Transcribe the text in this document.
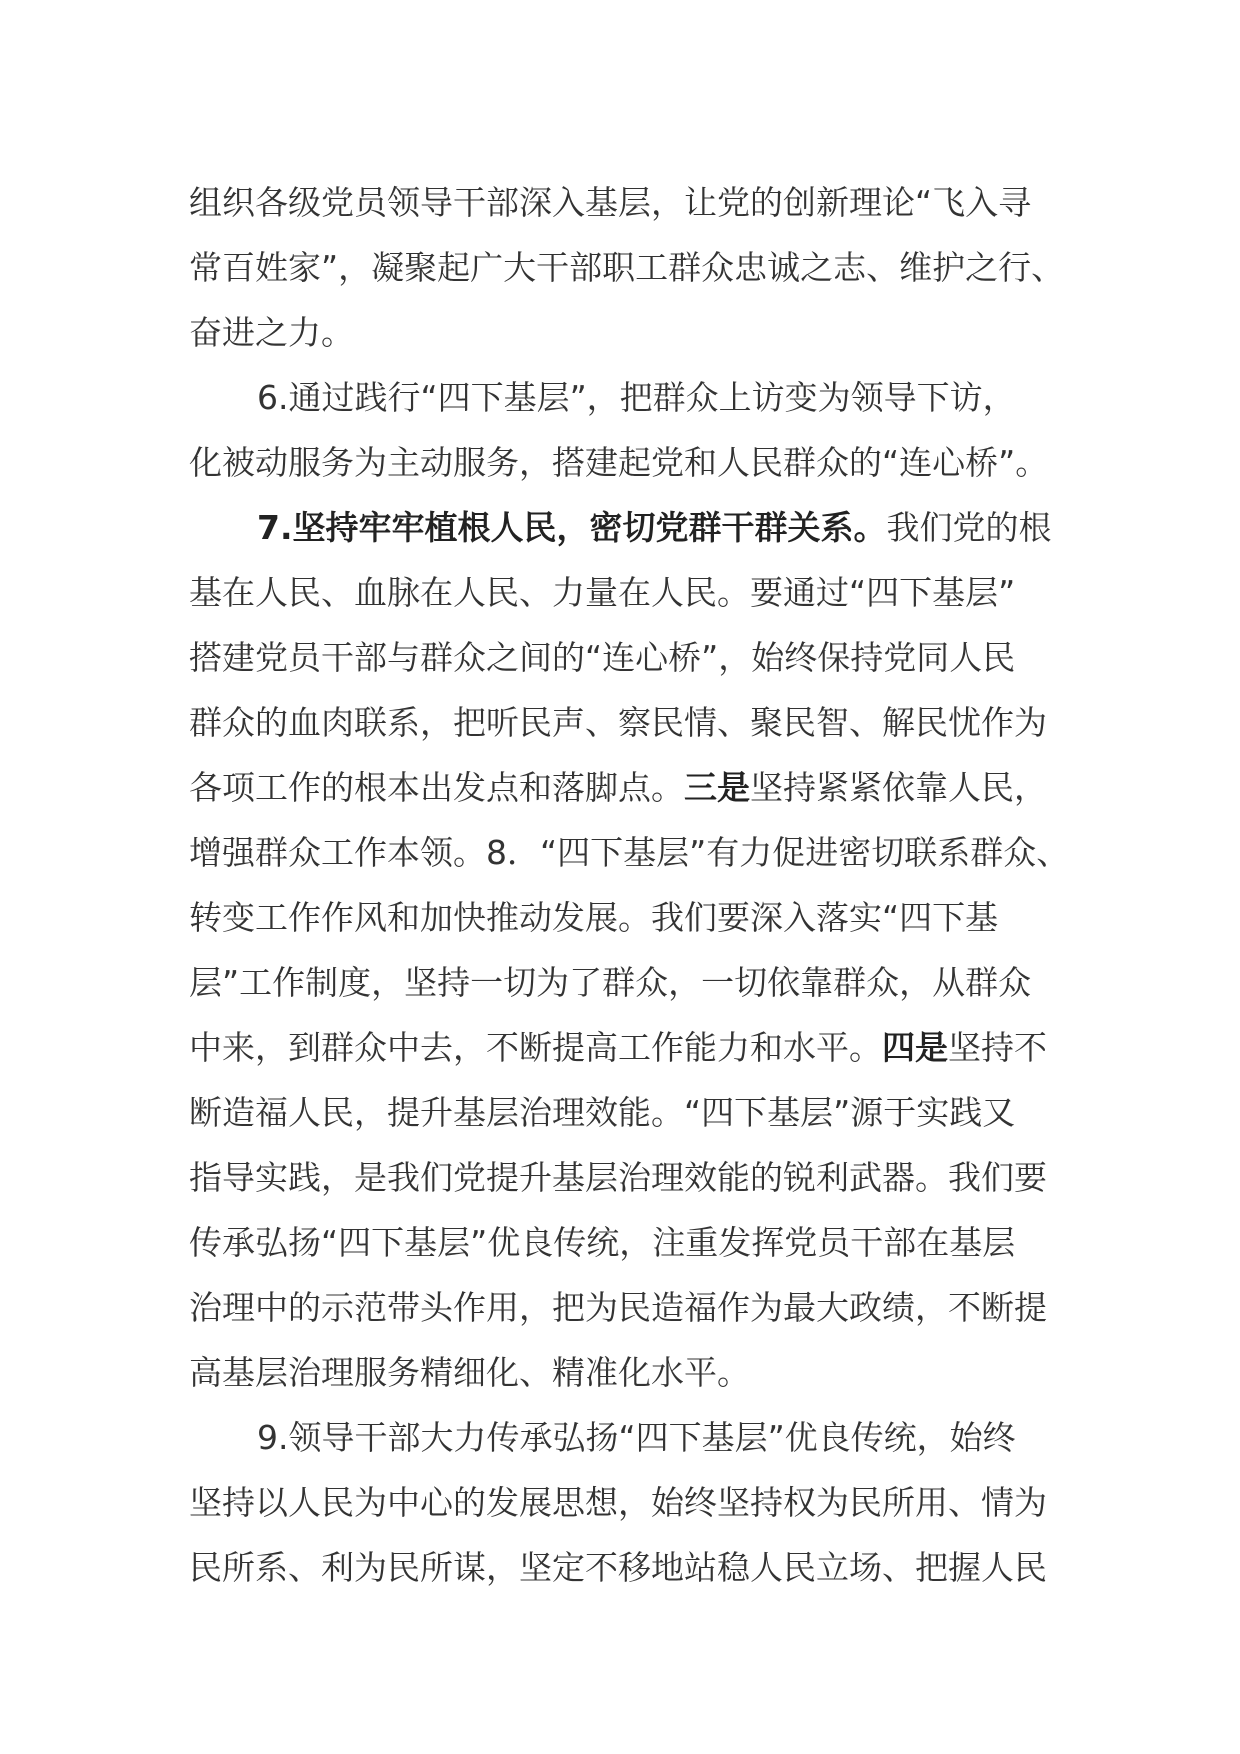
组织各级党员领导干部深入基层，让党的创新理论“飞入寻
常百姓家”，凝聚起广大干部职工群众忠诚之志、维护之行、
奋进之力。
6.通过践行“四下基层”，把群众上访变为领导下访，
化被动服务为主动服务，搭建起党和人民群众的“连心桥”。
7.坚持牢牢植根人民，密切党群干群关系。我们党的根
基在人民、血脉在人民、力量在人民。要通过“四下基层”
搭建党员干部与群众之间的“连心桥”，始终保持党同人民
群众的血肉联系，把听民声、察民情、聚民智、解民忧作为
各项工作的根本出发点和落脚点。三是坚持紧紧依靠人民，
增强群众工作本领。8．“四下基层”有力促进密切联系群众、
转变工作作风和加快推动发展。我们要深入落实“四下基
层”工作制度，坚持一切为了群众，一切依靠群众，从群众
中来，到群众中去，不断提高工作能力和水平。四是坚持不
断造福人民，提升基层治理效能。“四下基层”源于实践又
指导实践，是我们党提升基层治理效能的锐利武器。我们要
传承弘扬“四下基层”优良传统，注重发挥党员干部在基层
治理中的示范带头作用，把为民造福作为最大政绩，不断提
高基层治理服务精细化、精准化水平。
9.领导干部大力传承弘扬“四下基层”优良传统，始终
坚持以人民为中心的发展思想，始终坚持权为民所用、情为
民所系、利为民所谋，坚定不移地站稳人民立场、把握人民
